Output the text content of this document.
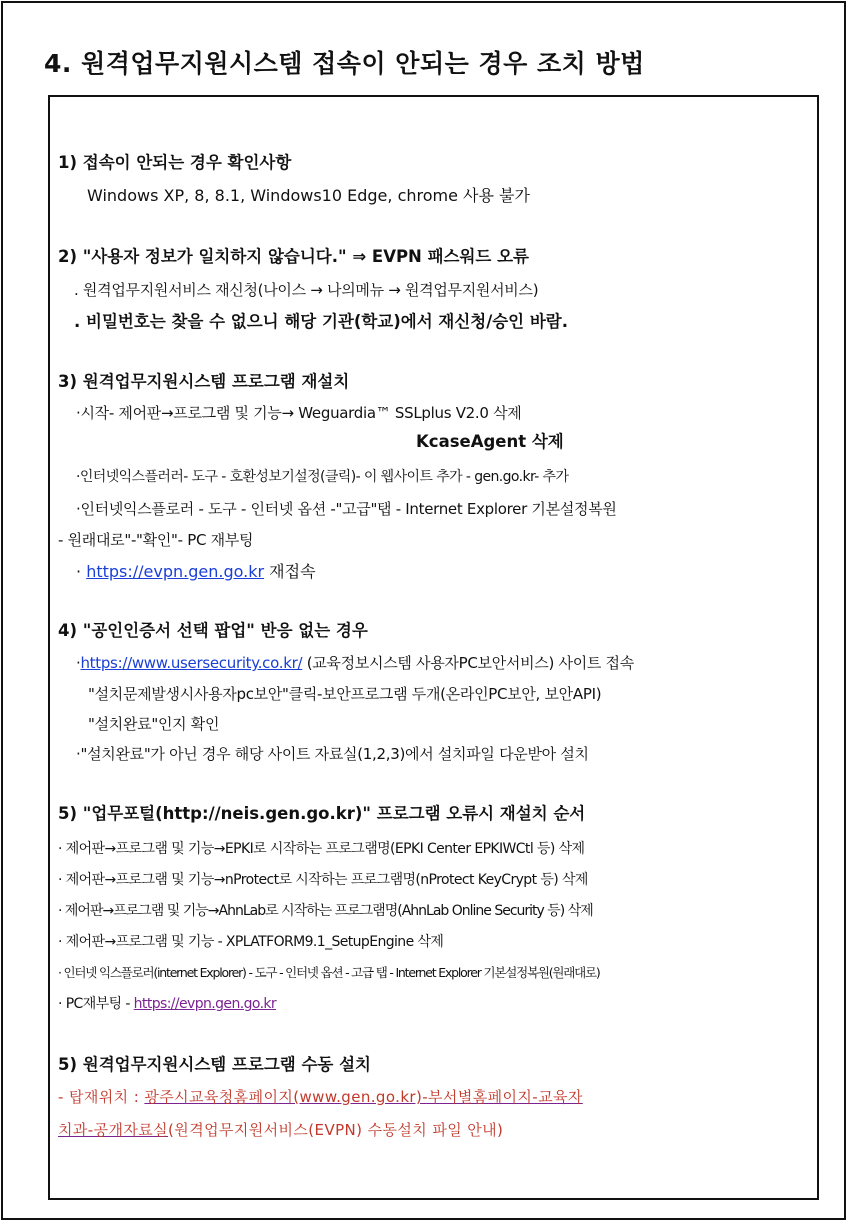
4. 원격업무지원시스템 접속이 안되는 경우 조치 방법

1) 접속이 안되는 경우 확인사항

Windows XP, 8, 8.1, Windows10 Edge, chrome 사용 불가

2) "사용자 정보가 일치하지 않습니다." ⇒ EVPN 패스워드 오류

. 원격업무지원서비스 재신청(나이스 → 나의메뉴 → 원격업무지원서비스)

. 비밀번호는 찾을 수 없으니 해당 기관(학교)에서 재신청/승인 바람.

3) 원격업무지원시스템 프로그램 재설치

·시작- 제어판→프로그램 및 기능→ Weguardia™ SSLplus V2.0 삭제

KcaseAgent 삭제

·인터넷익스플러러- 도구 - 호환성보기설정(클릭)- 이 웹사이트 추가 - gen.go.kr- 추가

·인터넷익스플로러 - 도구 - 인터넷 옵션 -"고급"탭 - Internet Explorer 기본설정복원

- 원래대로"-"확인"- PC 재부팅

· https://evpn.gen.go.kr 재접속

4) "공인인증서 선택 팝업" 반응 없는 경우

·https://www.usersecurity.co.kr/ (교육정보시스템 사용자PC보안서비스) 사이트 접속

"설치문제발생시사용자pc보안"클릭-보안프로그램 두개(온라인PC보안, 보안API)

"설치완료"인지 확인

·"설치완료"가 아닌 경우 해당 사이트 자료실(1,2,3)에서 설치파일 다운받아 설치

5) "업무포털(http://neis.gen.go.kr)" 프로그램 오류시 재설치 순서

· 제어판→프로그램 및 기능→EPKI로 시작하는 프로그램명(EPKI Center EPKIWCtl 등) 삭제

· 제어판→프로그램 및 기능→nProtect로 시작하는 프로그램명(nProtect KeyCrypt 등) 삭제

· 제어판→프로그램 및 기능→AhnLab로 시작하는 프로그램명(AhnLab Online Security 등) 삭제

· 제어판→프로그램 및 기능 - XPLATFORM9.1_SetupEngine 삭제

· 인터넷 익스플로러(internet Explorer) - 도구 - 인터넷 옵션 - 고급 탭 - Internet Explorer 기본설정복원(원래대로)

· PC재부팅 - https://evpn.gen.go.kr

5) 원격업무지원시스템 프로그램 수동 설치

- 탑재위치 : 광주시교육청홈페이지(www.gen.go.kr)-부서별홈페이지-교육자

치과-공개자료실(원격업무지원서비스(EVPN) 수동설치 파일 안내)
